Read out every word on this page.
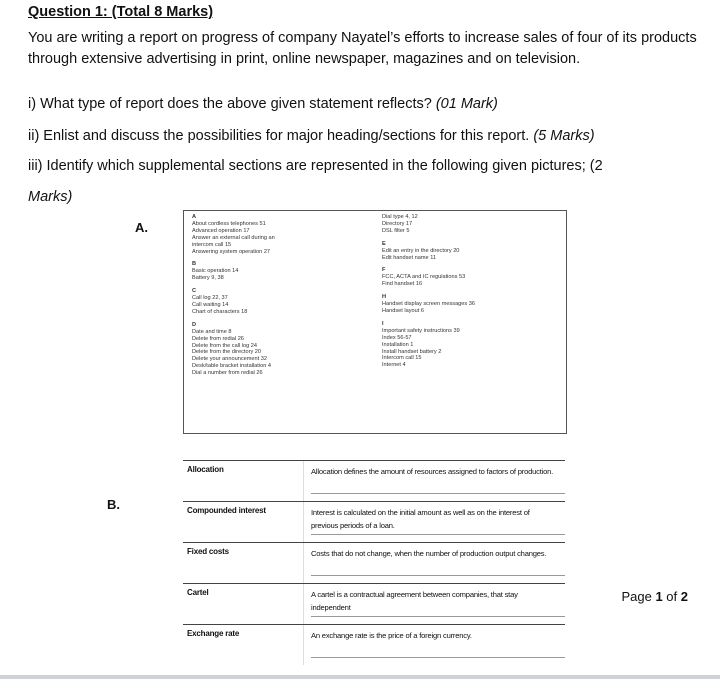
Question 1: (Total 8 Marks)
You are writing a report on progress of company Nayatel’s efforts to increase sales of four of its products through extensive advertising in print, online newspaper, magazines and on television.
i) What type of report does the above given statement reflects? (01 Mark)
ii) Enlist and discuss the possibilities for major heading/sections for this report. (5 Marks)
iii) Identify which supplemental sections are represented in the following given pictures; (2
Marks)
A.
A
About cordless telephones 51
Advanced operation 17
Answer an external call during an
intercom call 15
Answering system operation 27
B
Basic operation 14
Battery 9, 38
C
Call log 22, 37
Call waiting 14
Chart of characters 18
D
Date and time 8
Delete from redial 26
Delete from the call log 24
Delete from the directory 20
Delete your announcement 32
Desk/table bracket installation 4
Dial a number from redial 26
Dial type 4, 12
Directory 17
DSL filter 5
E
Edit an entry in the directory 20
Edit handset name 11
F
FCC, ACTA and IC regulations 53
Find handset 16
H
Handset display screen messages 36
Handset layout 6
I
Important safety instructions 39
Index 56-57
Installation 1
Install handset battery 2
Intercom call 15
Internet 4
B.
Allocation	Allocation defines the amount of resources assigned to factors of production.
Compounded interest	Interest is calculated on the initial amount as well as on the interest of previous periods of a loan.
Fixed costs	Costs that do not change, when the number of production output changes.
Cartel	A cartel is a contractual agreement between companies, that stay independent
Exchange rate	An exchange rate is the price of a foreign currency.
Page 1 of 2
